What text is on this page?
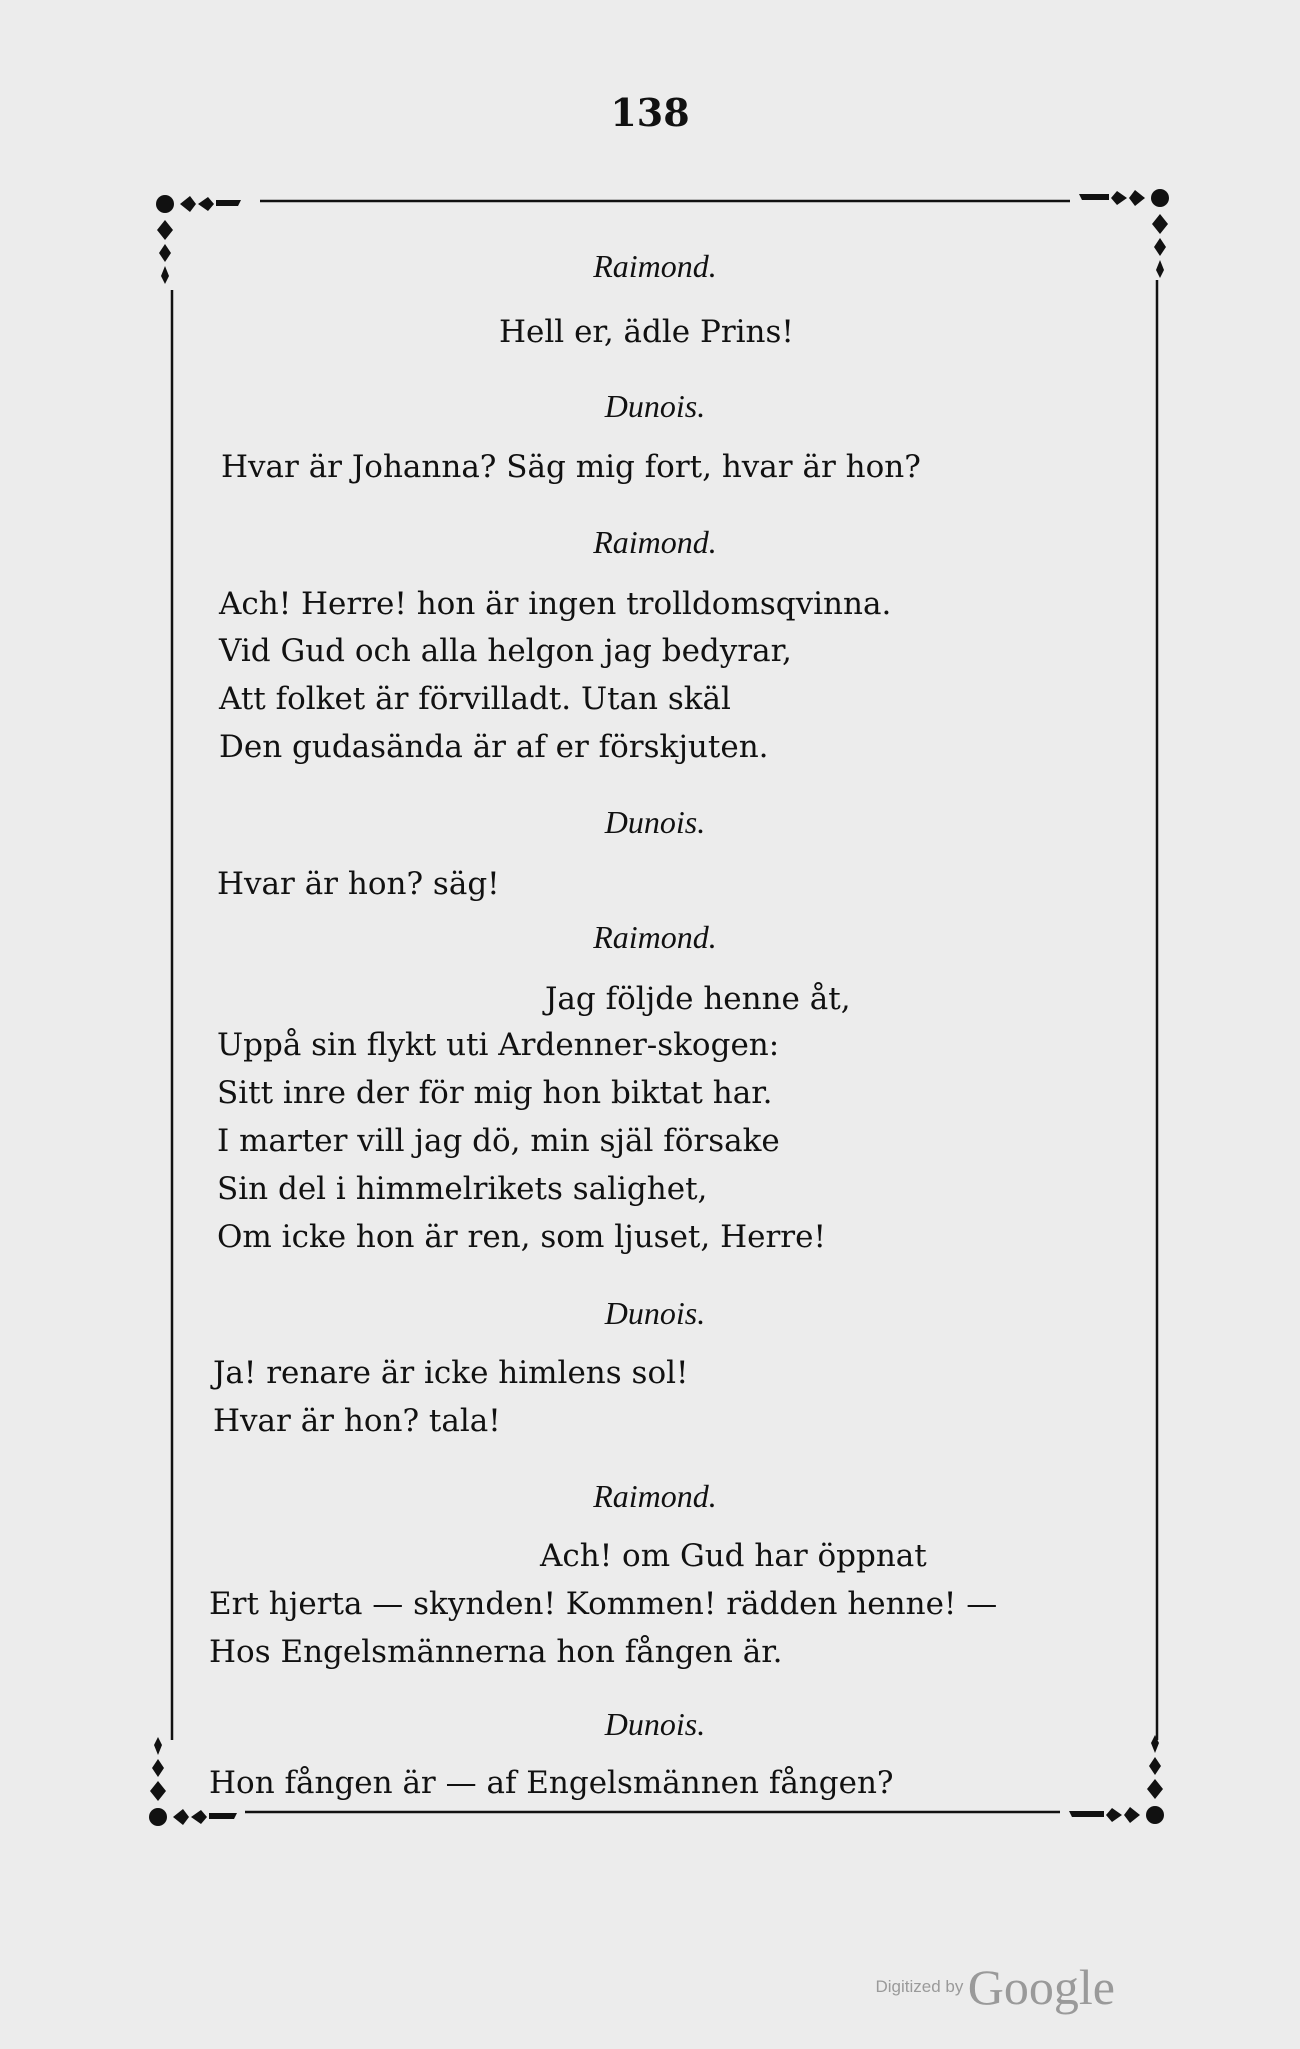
138
Raimond.
Hell er, ädle Prins!
Dunois.
Hvar är Johanna? Säg mig fort, hvar är hon?
Raimond.
Ach! Herre! hon är ingen trolldomsqvinna.
Vid Gud och alla helgon jag bedyrar,
Att folket är förvilladt. Utan skäl
Den gudasända är af er förskjuten.
Dunois.
Hvar är hon? säg!
Raimond.
Jag följde henne åt,
Uppå sin flykt uti Ardenner-skogen:
Sitt inre der för mig hon biktat har.
I marter vill jag dö, min själ försake
Sin del i himmelrikets salighet,
Om icke hon är ren, som ljuset, Herre!
Dunois.
Ja! renare är icke himlens sol!
Hvar är hon? tala!
Raimond.
Ach! om Gud har öppnat
Ert hjerta — skynden! Kommen! rädden henne! —
Hos Engelsmännerna hon fången är.
Dunois.
Hon fången är — af Engelsmännen fången?
Digitized by Google
